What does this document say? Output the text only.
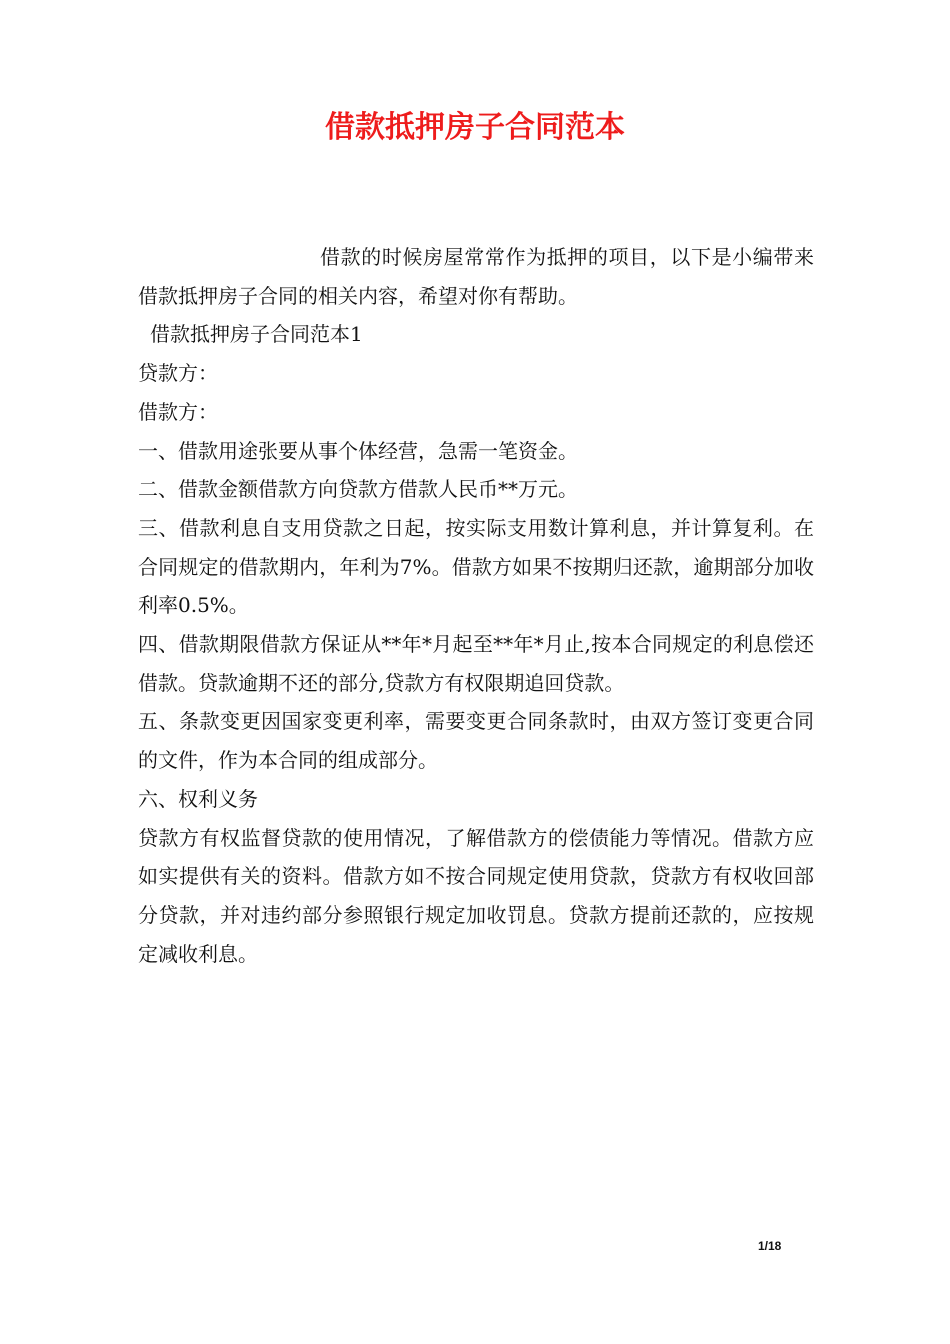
借款抵押房子合同范本

借款的时候房屋常常作为抵押的项目，以下是小编带来借款抵押房子合同的相关内容，希望对你有帮助。

借款抵押房子合同范本1

贷款方：

借款方：

一、借款用途张要从事个体经营，急需一笔资金。

二、借款金额借款方向贷款方借款人民币**万元。

三、借款利息自支用贷款之日起，按实际支用数计算利息，并计算复利。在合同规定的借款期内，年利为7%。借款方如果不按期归还款，逾期部分加收利率0.5%。

四、借款期限借款方保证从**年*月起至**年*月止,按本合同规定的利息偿还借款。贷款逾期不还的部分,贷款方有权限期追回贷款。

五、条款变更因国家变更利率，需要变更合同条款时，由双方签订变更合同的文件，作为本合同的组成部分。

六、权利义务

贷款方有权监督贷款的使用情况，了解借款方的偿债能力等情况。借款方应如实提供有关的资料。借款方如不按合同规定使用贷款，贷款方有权收回部分贷款，并对违约部分参照银行规定加收罚息。贷款方提前还款的，应按规定减收利息。

1/18
